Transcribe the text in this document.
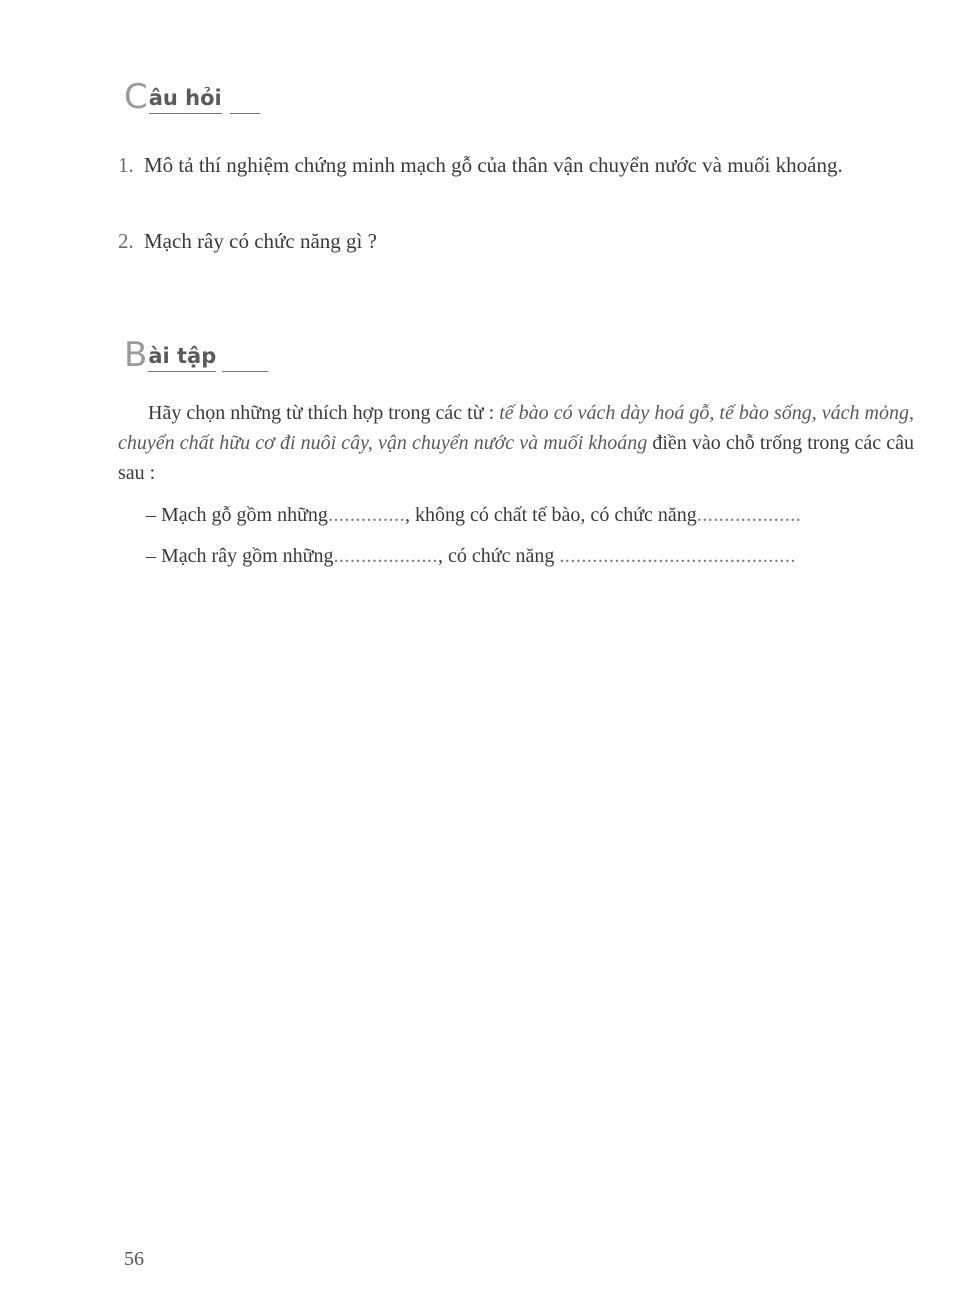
C âu hỏi
1. Mô tả thí nghiệm chứng minh mạch gỗ của thân vận chuyển nước và muối khoáng.
2. Mạch rây có chức năng gì ?
B ài tập
Hãy chọn những từ thích hợp trong các từ : tế bào có vách dày hoá gỗ, tế bào sống, vách mỏng, chuyển chất hữu cơ đi nuôi cây, vận chuyển nước và muối khoáng điền vào chỗ trống trong các câu sau :
– Mạch gỗ gồm những.............., không có chất tế bào, có chức năng...................
– Mạch rây gồm những..................., có chức năng ...........................................
56
